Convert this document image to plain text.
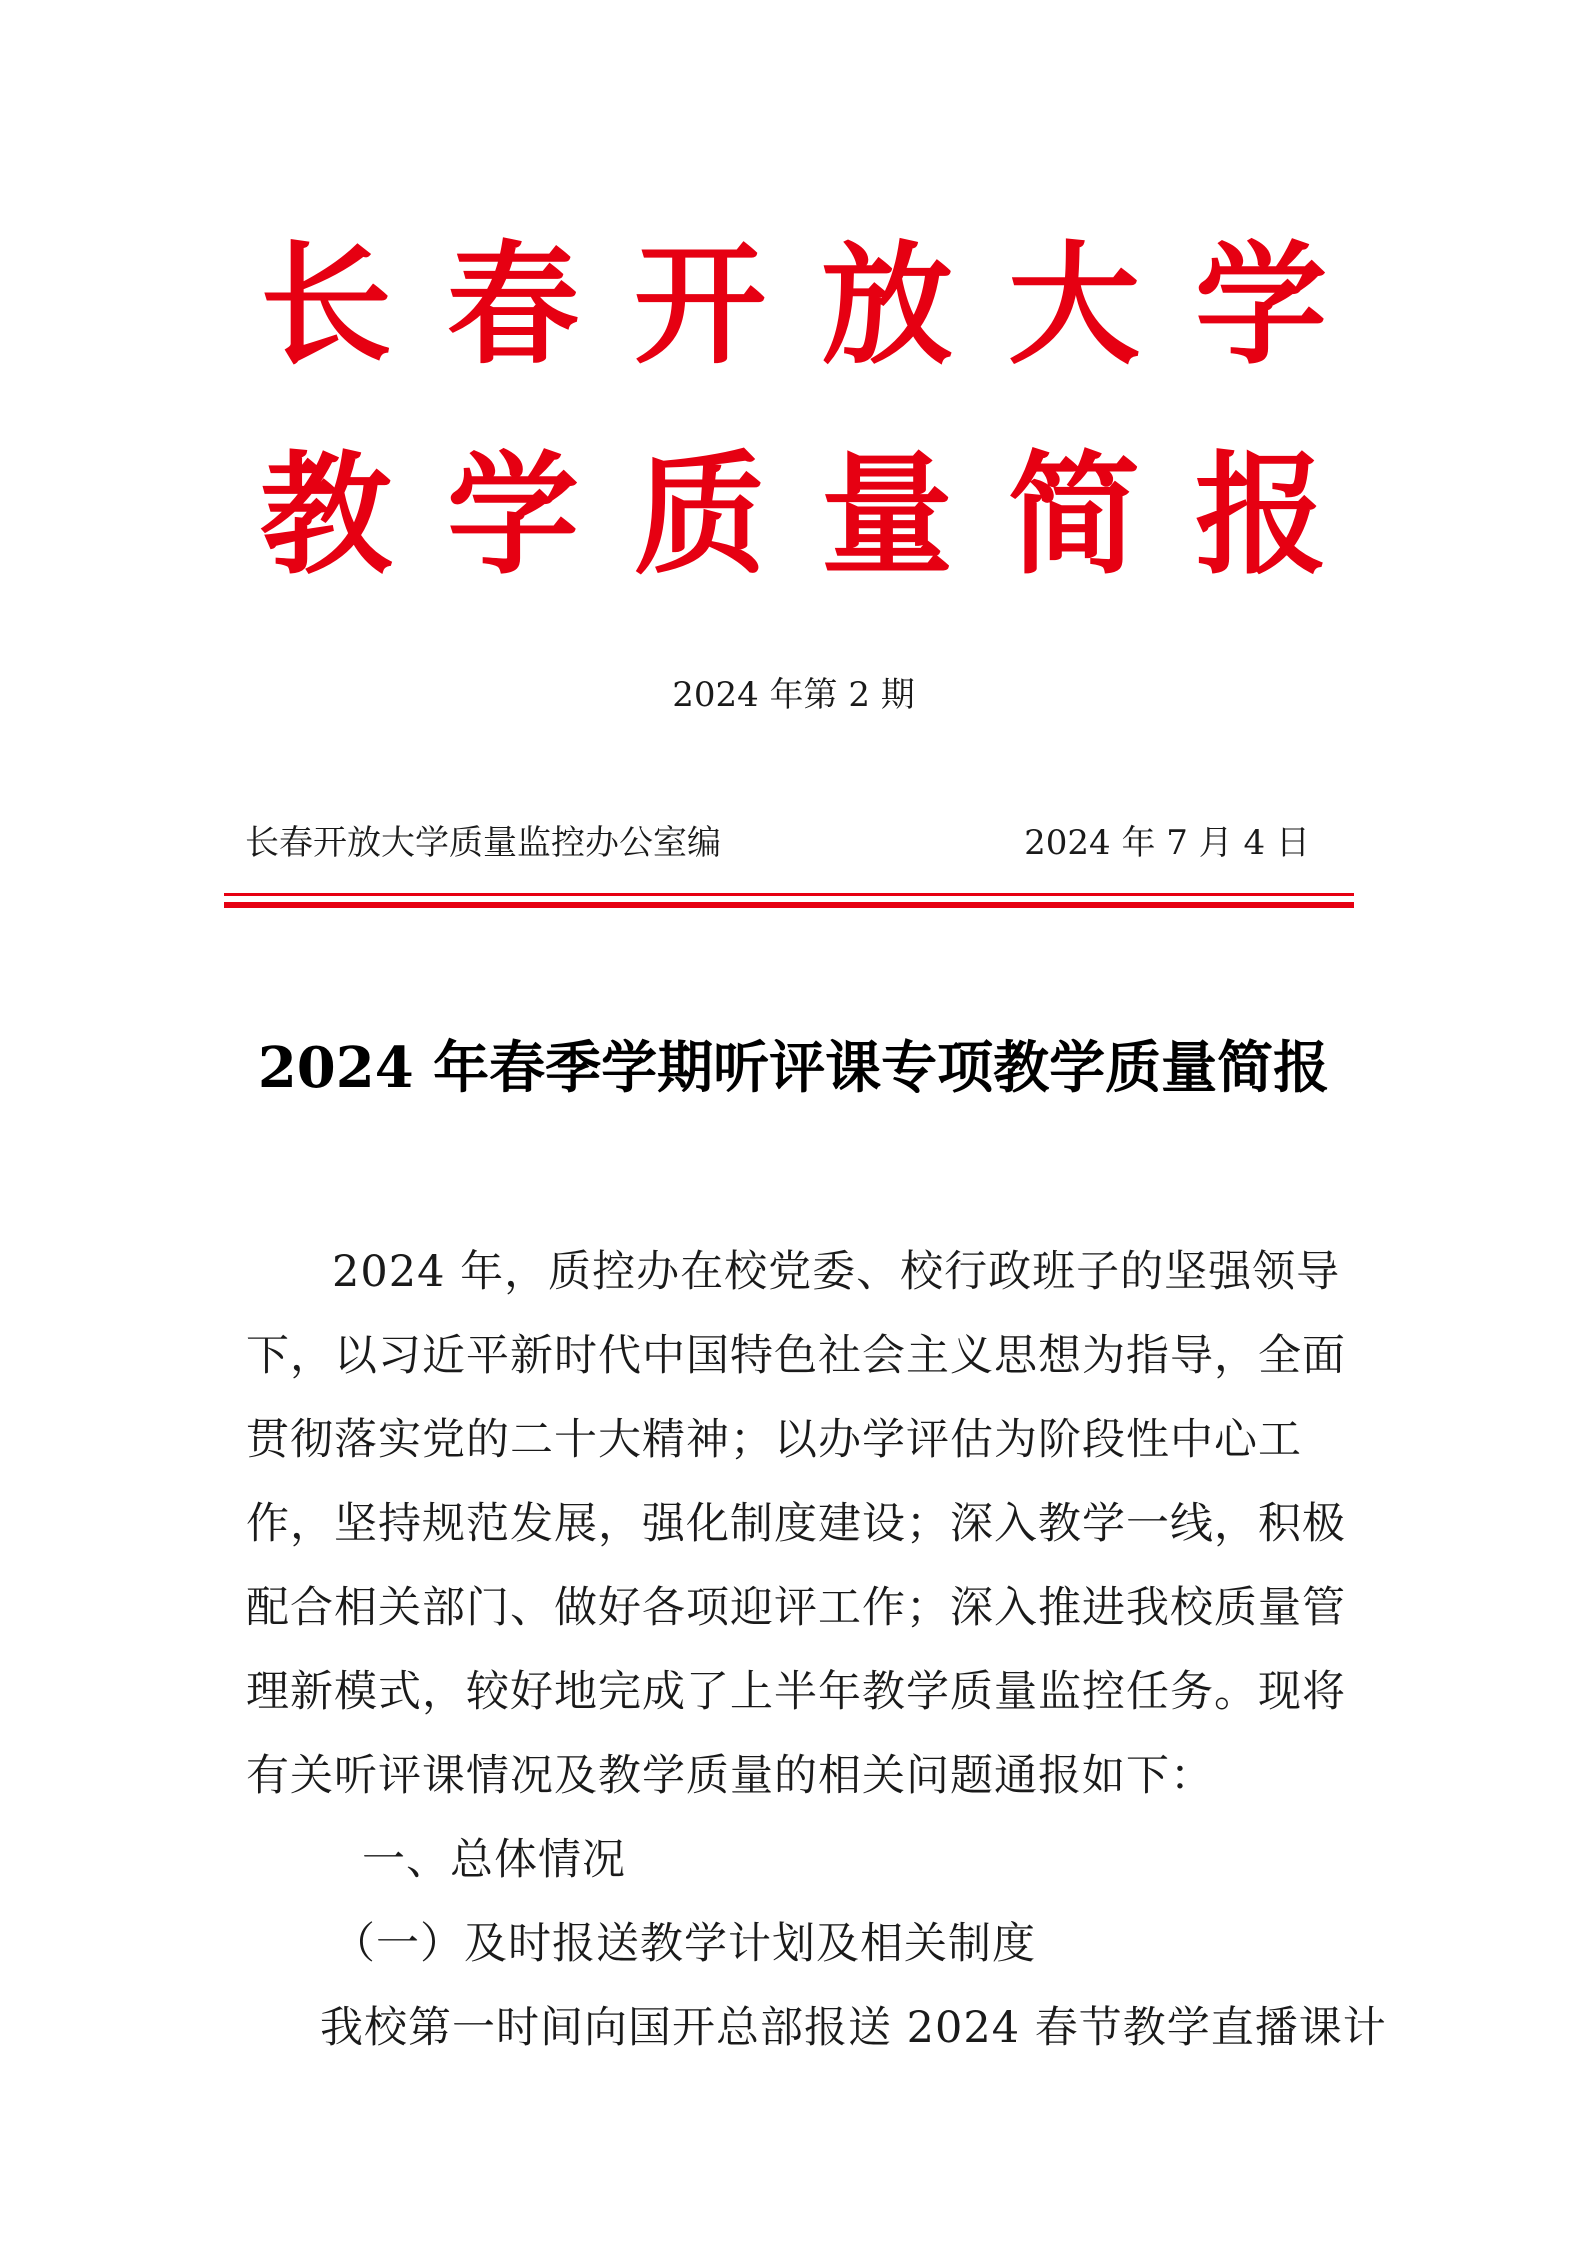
长春开放大学
教学质量简报
2024 年第 2 期
长春开放大学质量监控办公室编	2024 年 7 月 4 日
2024 年春季学期听评课专项教学质量简报

2024 年，质控办在校党委、校行政班子的坚强领导下，以习近平新时代中国特色社会主义思想为指导，全面贯彻落实党的二十大精神；以办学评估为阶段性中心工作，坚持规范发展，强化制度建设；深入教学一线，积极配合相关部门、做好各项迎评工作；深入推进我校质量管理新模式，较好地完成了上半年教学质量监控任务。现将有关听评课情况及教学质量的相关问题通报如下：

一、总体情况

（一）及时报送教学计划及相关制度

我校第一时间向国开总部报送 2024 春节教学直播课计
